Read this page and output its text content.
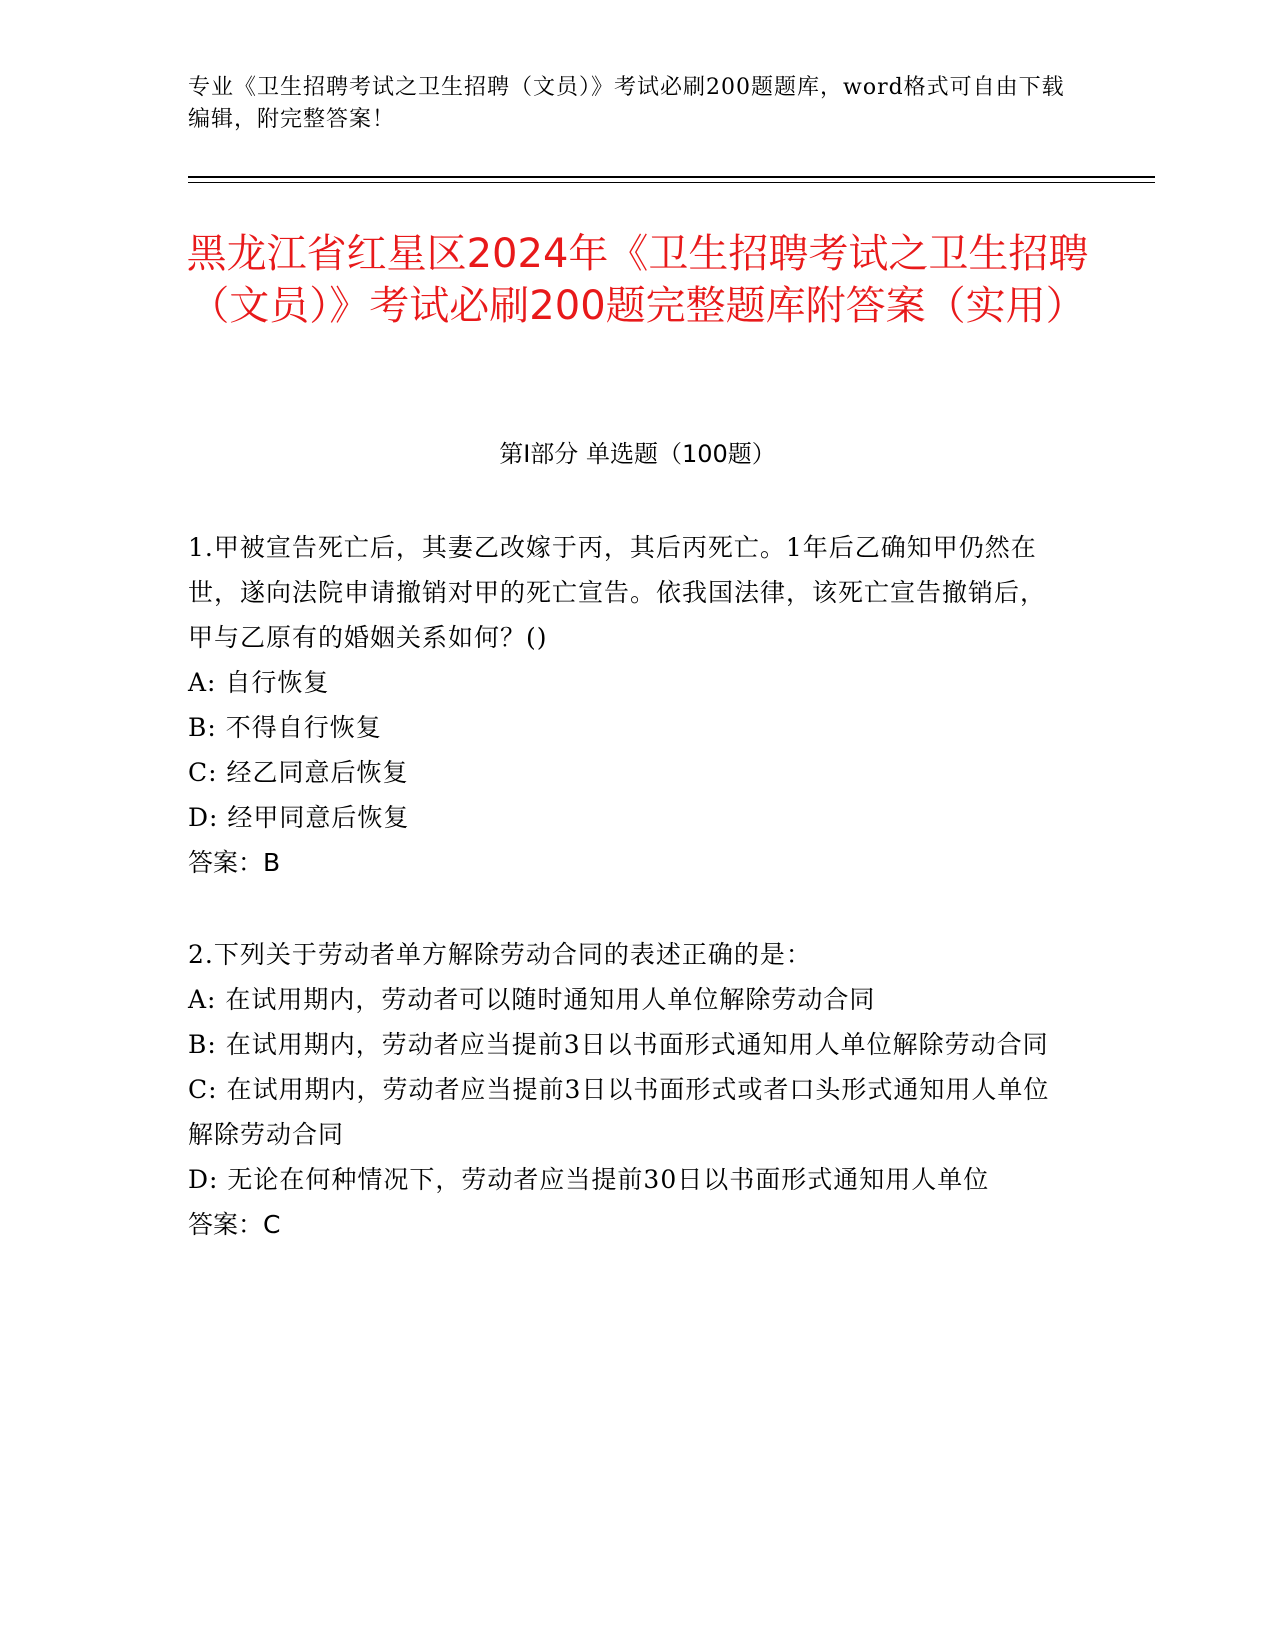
专业《卫生招聘考试之卫生招聘（文员）》考试必刷200题题库，word格式可自由下载编辑，附完整答案！
黑龙江省红星区2024年《卫生招聘考试之卫生招聘（文员）》考试必刷200题完整题库附答案（实用）
第I部分 单选题（100题）
1.甲被宣告死亡后，其妻乙改嫁于丙，其后丙死亡。1年后乙确知甲仍然在世，遂向法院申请撤销对甲的死亡宣告。依我国法律，该死亡宣告撤销后，甲与乙原有的婚姻关系如何？()
A: 自行恢复
B: 不得自行恢复
C: 经乙同意后恢复
D: 经甲同意后恢复
答案：B
2.下列关于劳动者单方解除劳动合同的表述正确的是：
A: 在试用期内，劳动者可以随时通知用人单位解除劳动合同
B: 在试用期内，劳动者应当提前3日以书面形式通知用人单位解除劳动合同
C: 在试用期内，劳动者应当提前3日以书面形式或者口头形式通知用人单位解除劳动合同
D: 无论在何种情况下，劳动者应当提前30日以书面形式通知用人单位
答案：C
